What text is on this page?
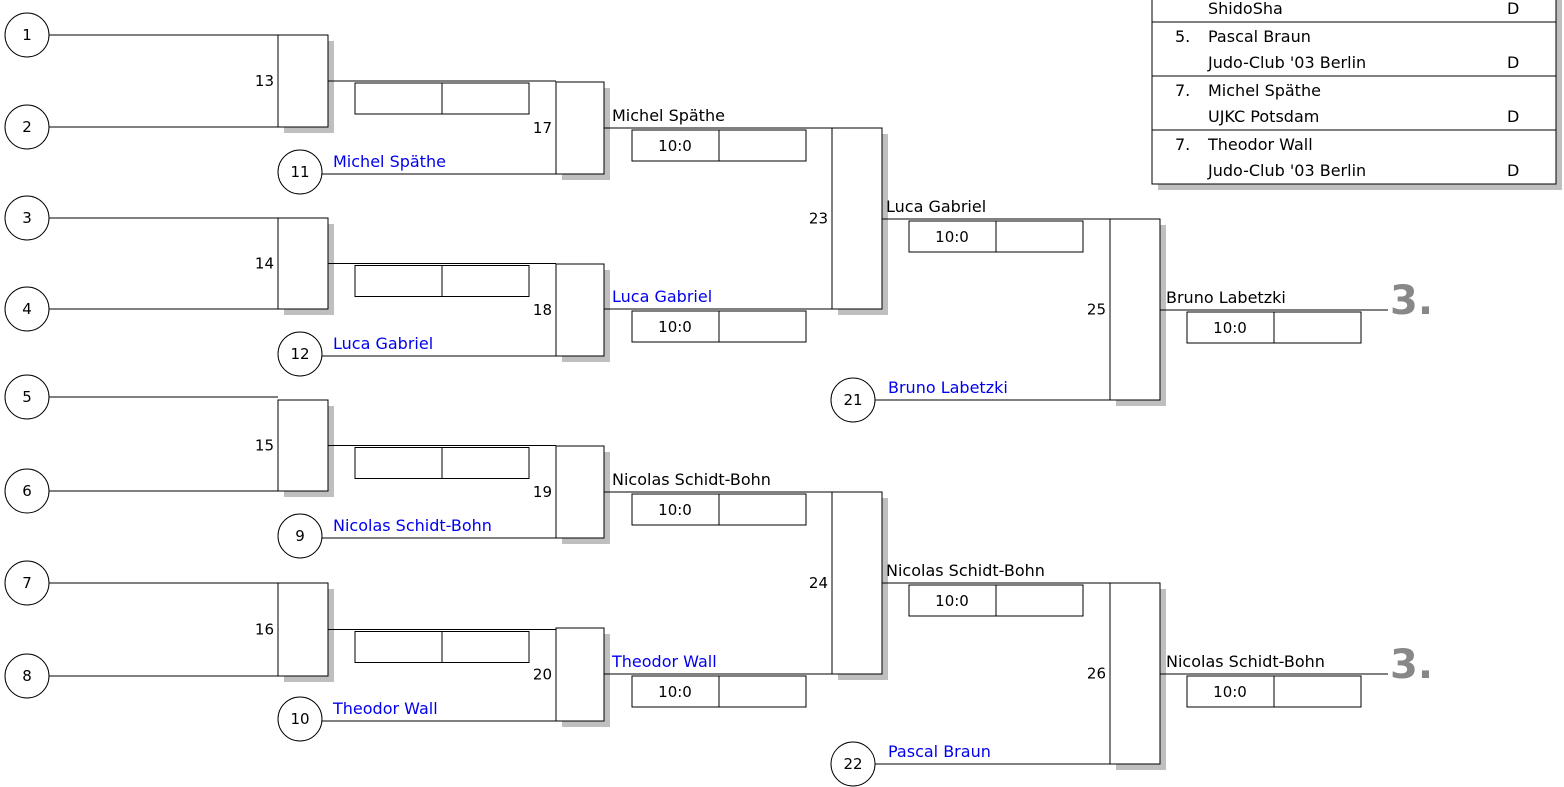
1
2
3
4
5
6
7
8
13
14
15
16
11
Michel Späthe
12
Luca Gabriel
9
Nicolas Schidt-Bohn
10
Theodor Wall
17
18
19
20
Michel Späthe
10:0
Luca Gabriel
10:0
Nicolas Schidt-Bohn
10:0
Theodor Wall
10:0
23
24
Luca Gabriel
10:0
Nicolas Schidt-Bohn
10:0
21
Bruno Labetzki
22
Pascal Braun
25
26
Bruno Labetzki
10:0
3.
Nicolas Schidt-Bohn
10:0
3.
ShidoSha	D
5. Pascal Braun
Judo-Club '03 Berlin	D
7. Michel Späthe
UJKC Potsdam	D
7. Theodor Wall
Judo-Club '03 Berlin	D
